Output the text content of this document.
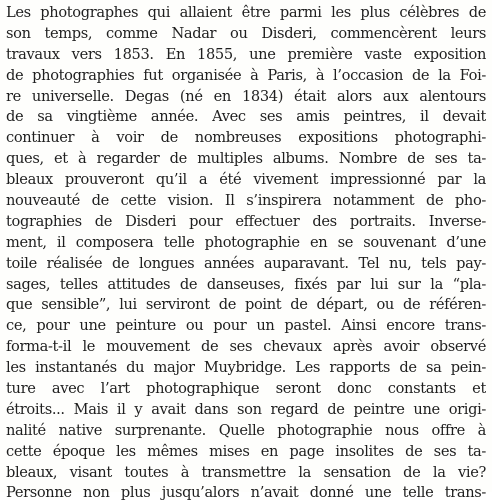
Les photographes qui allaient être parmi les plus célèbres de
son temps, comme Nadar ou Disderi, commencèrent leurs
travaux vers 1853. En 1855, une première vaste exposition
de photographies fut organisée à Paris, à l’occasion de la Foi-
re universelle. Degas (né en 1834) était alors aux alentours
de sa vingtième année. Avec ses amis peintres, il devait
continuer à voir de nombreuses expositions photographi-
ques, et à regarder de multiples albums. Nombre de ses ta-
bleaux prouveront qu’il a été vivement impressionné par la
nouveauté de cette vision. Il s’inspirera notamment de pho-
tographies de Disderi pour effectuer des portraits. Inverse-
ment, il composera telle photographie en se souvenant d’une
toile réalisée de longues années auparavant. Tel nu, tels pay-
sages, telles attitudes de danseuses, fixés par lui sur la “pla-
que sensible”, lui serviront de point de départ, ou de référen-
ce, pour une peinture ou pour un pastel. Ainsi encore trans-
forma-t-il le mouvement de ses chevaux après avoir observé
les instantanés du major Muybridge. Les rapports de sa pein-
ture avec l’art photographique seront donc constants et
étroits... Mais il y avait dans son regard de peintre une origi-
nalité native surprenante. Quelle photographie nous offre à
cette époque les mêmes mises en page insolites de ses ta-
bleaux, visant toutes à transmettre la sensation de la vie?
Personne non plus jusqu’alors n’avait donné une telle trans-
